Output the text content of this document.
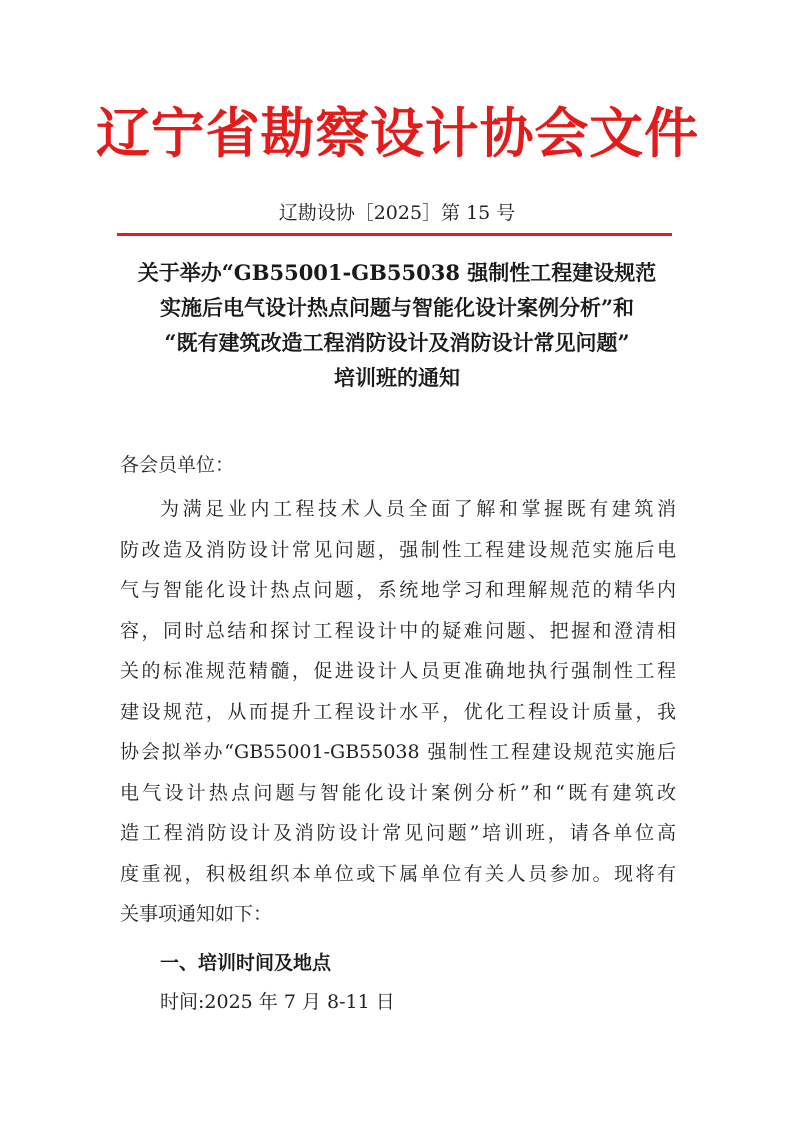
辽 宁 省 勘 察 设 计 协 会 文 件
辽勘设协［2025］第 15 号
关于举办“GB55001-GB55038 强制性工程建设规范
实施后电气设计热点问题与智能化设计案例分析”和
“既有建筑改造工程消防设计及消防设计常见问题”
培训班的通知
各会员单位：
为满足业内工程技术人员全面了解和掌握既有建筑消
防改造及消防设计常见问题，强制性工程建设规范实施后电
气与智能化设计热点问题，系统地学习和理解规范的精华内
容，同时总结和探讨工程设计中的疑难问题、把握和澄清相
关的标准规范精髓，促进设计人员更准确地执行强制性工程
建设规范，从而提升工程设计水平，优化工程设计质量，我
协会拟举办“GB55001-GB55038 强制性工程建设规范实施后
电气设计热点问题与智能化设计案例分析”和“既有建筑改
造工程消防设计及消防设计常见问题”培训班，请各单位高
度重视，积极组织本单位或下属单位有关人员参加。现将有
关事项通知如下：
一、培训时间及地点
时间:2025 年 7 月 8-11 日
